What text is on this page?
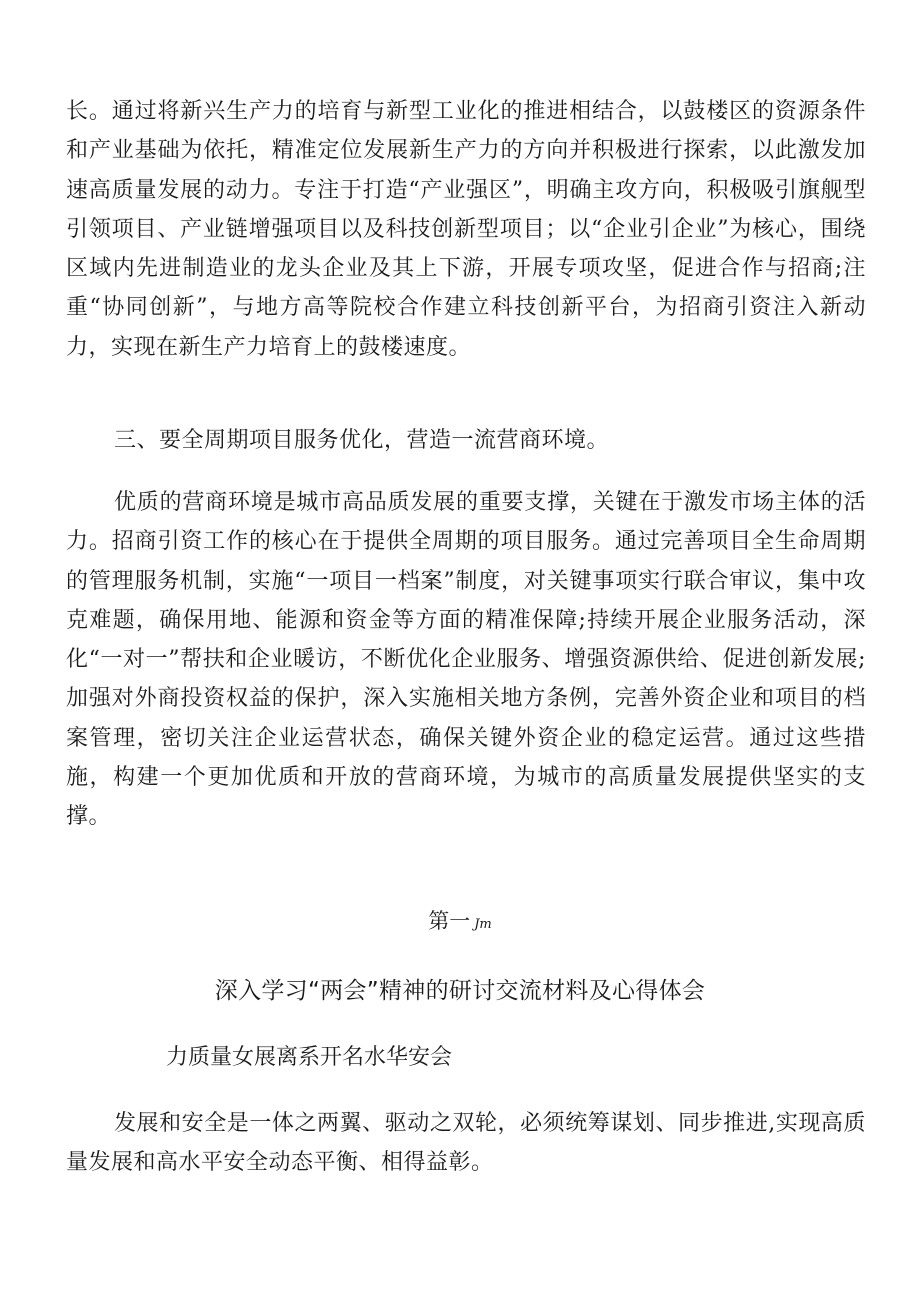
长。通过将新兴生产力的培育与新型工业化的推进相结合，以鼓楼区的资源条件和产业基础为依托，精准定位发展新生产力的方向并积极进行探索，以此激发加速高质量发展的动力。专注于打造“产业强区”，明确主攻方向，积极吸引旗舰型引领项目、产业链增强项目以及科技创新型项目；以“企业引企业”为核心，围绕区域内先进制造业的龙头企业及其上下游，开展专项攻坚，促进合作与招商;注重“协同创新”，与地方高等院校合作建立科技创新平台，为招商引资注入新动力，实现在新生产力培育上的鼓楼速度。

三、要全周期项目服务优化，营造一流营商环境。

优质的营商环境是城市高品质发展的重要支撑，关键在于激发市场主体的活力。招商引资工作的核心在于提供全周期的项目服务。通过完善项目全生命周期的管理服务机制，实施“一项目一档案”制度，对关键事项实行联合审议，集中攻克难题，确保用地、能源和资金等方面的精准保障;持续开展企业服务活动，深化“一对一”帮扶和企业暖访，不断优化企业服务、增强资源供给、促进创新发展;加强对外商投资权益的保护，深入实施相关地方条例，完善外资企业和项目的档案管理，密切关注企业运营状态，确保关键外资企业的稳定运营。通过这些措施，构建一个更加优质和开放的营商环境，为城市的高质量发展提供坚实的支撑。

第一 Jm
深入学习“两会”精神的研讨交流材料及心得体会
力质量女展离系开名水华安会

发展和安全是一体之两翼、驱动之双轮，必须统筹谋划、同步推进,实现高质量发展和高水平安全动态平衡、相得益彰。
